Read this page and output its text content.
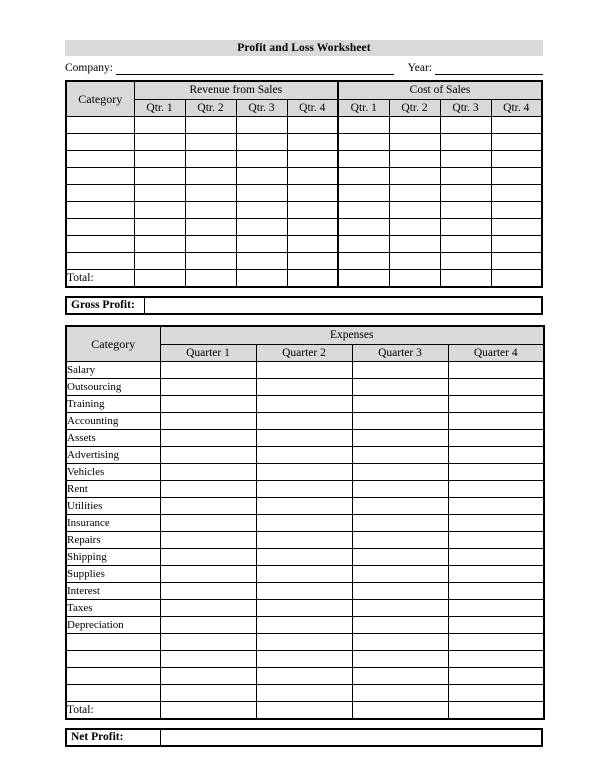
Profit and Loss Worksheet
Company:	Year:
Category	Revenue from Sales				Cost of Sales			
	Qtr. 1	Qtr. 2	Qtr. 3	Qtr. 4	Qtr. 1	Qtr. 2	Qtr. 3	Qtr. 4

Total:								
Gross Profit:
Category	Expenses			
	Quarter 1	Quarter 2	Quarter 3	Quarter 4
Salary				
Outsourcing				
Training				
Accounting				
Assets				
Advertising				
Vehicles				
Rent				
Utilities				
Insurance				
Repairs				
Shipping				
Supplies				
Interest				
Taxes				
Depreciation				

Total:				
Net Profit:
